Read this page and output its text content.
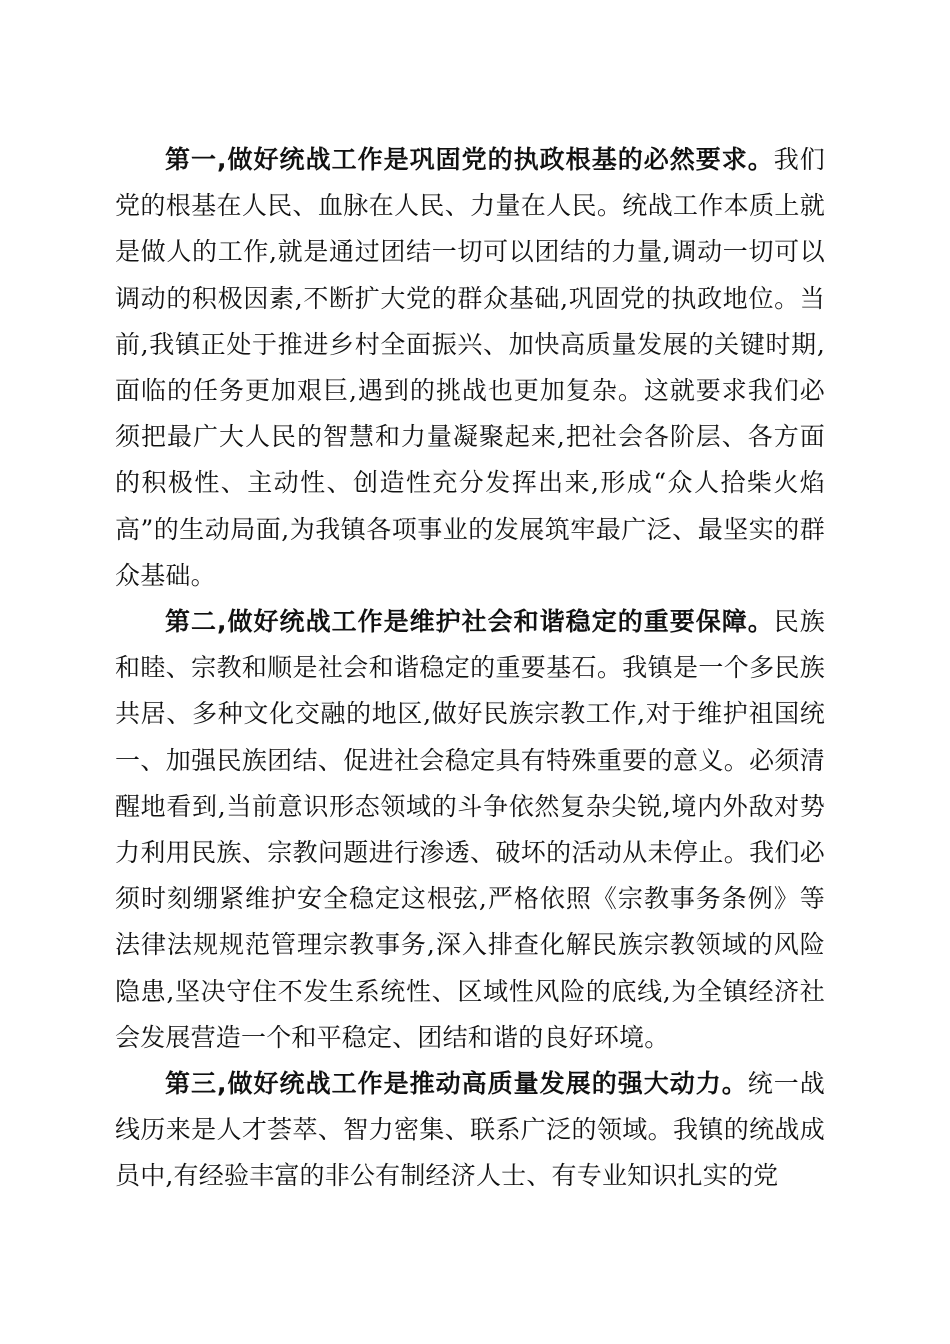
第一,做好统战工作是巩固党的执政根基的必然要求。我们党的根基在人民、血脉在人民、力量在人民。统战工作本质上就是做人的工作,就是通过团结一切可以团结的力量,调动一切可以调动的积极因素,不断扩大党的群众基础,巩固党的执政地位。当前,我镇正处于推进乡村全面振兴、加快高质量发展的关键时期,面临的任务更加艰巨,遇到的挑战也更加复杂。这就要求我们必须把最广大人民的智慧和力量凝聚起来,把社会各阶层、各方面的积极性、主动性、创造性充分发挥出来,形成“众人拾柴火焰高”的生动局面,为我镇各项事业的发展筑牢最广泛、最坚实的群众基础。

第二,做好统战工作是维护社会和谐稳定的重要保障。民族和睦、宗教和顺是社会和谐稳定的重要基石。我镇是一个多民族共居、多种文化交融的地区,做好民族宗教工作,对于维护祖国统一、加强民族团结、促进社会稳定具有特殊重要的意义。必须清醒地看到,当前意识形态领域的斗争依然复杂尖锐,境内外敌对势力利用民族、宗教问题进行渗透、破坏的活动从未停止。我们必须时刻绷紧维护安全稳定这根弦,严格依照《宗教事务条例》等法律法规规范管理宗教事务,深入排查化解民族宗教领域的风险隐患,坚决守住不发生系统性、区域性风险的底线,为全镇经济社会发展营造一个和平稳定、团结和谐的良好环境。

第三,做好统战工作是推动高质量发展的强大动力。统一战线历来是人才荟萃、智力密集、联系广泛的领域。我镇的统战成员中,有经验丰富的非公有制经济人士、有专业知识扎实的党
